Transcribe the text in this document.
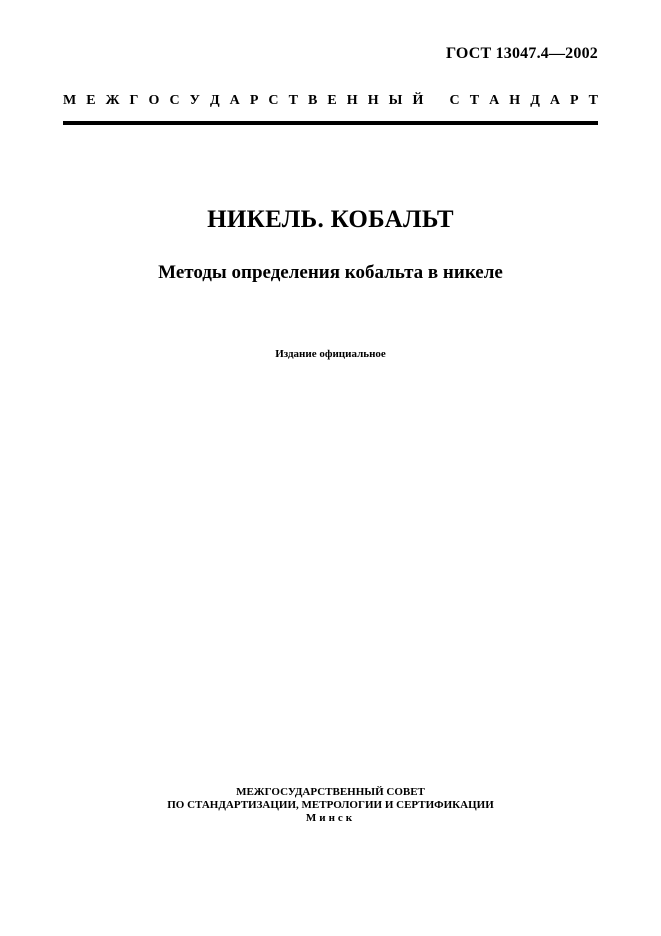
ГОСТ 13047.4—2002
М Е Ж Г О С У Д А Р С Т В Е Н Н Ы Й С Т А Н Д А Р Т
НИКЕЛЬ. КОБАЛЬТ
Методы определения кобальта в никеле
Издание официальное
МЕЖГОСУДАРСТВЕННЫЙ СОВЕТ
ПО СТАНДАРТИЗАЦИИ, МЕТРОЛОГИИ И СЕРТИФИКАЦИИ
Минск
